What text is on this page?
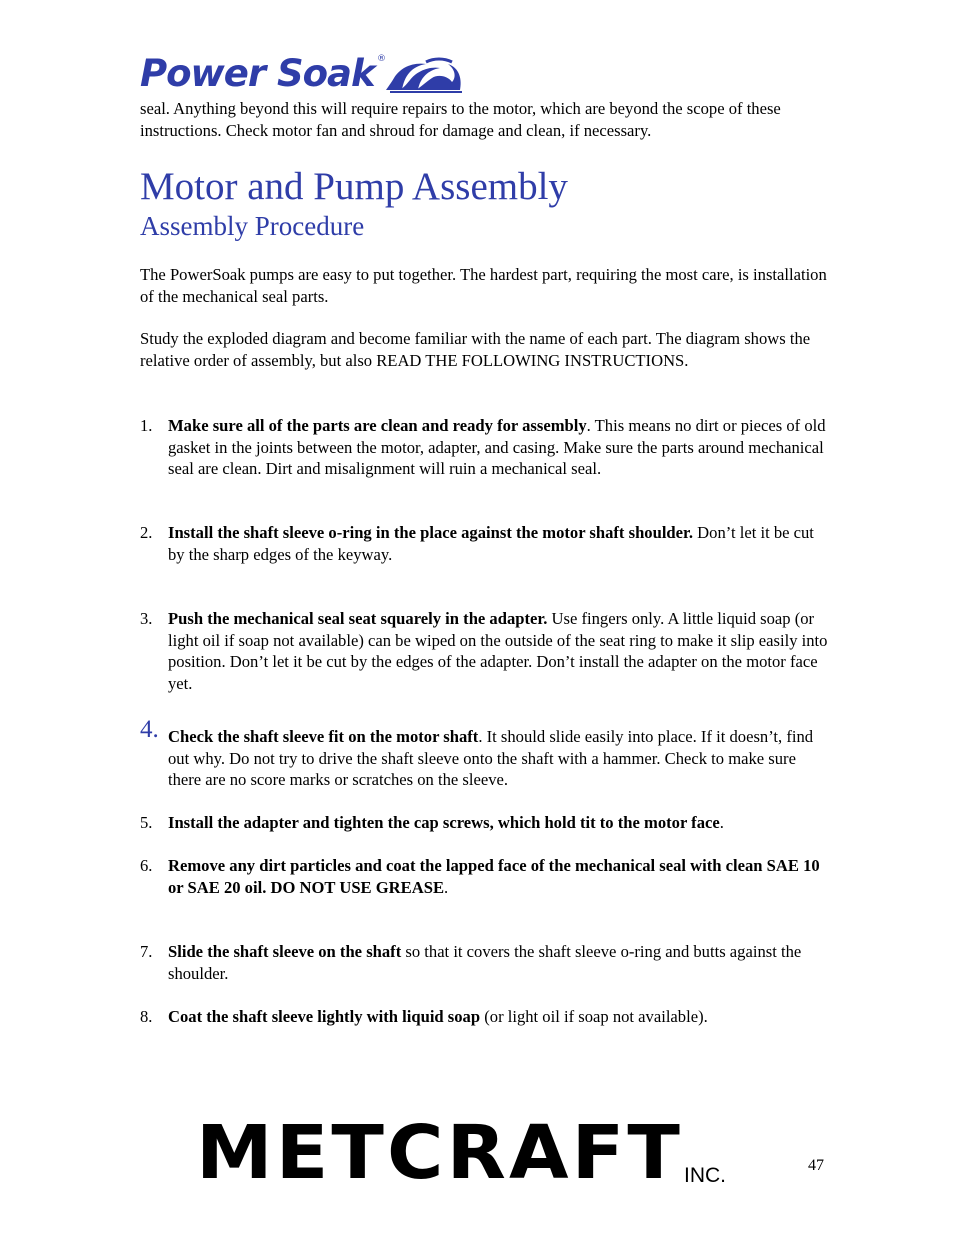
Power Soak ®
seal. Anything beyond this will require repairs to the motor, which are beyond the scope of these instructions. Check motor fan and shroud for damage and clean, if necessary.
Motor and Pump Assembly
Assembly Procedure
The PowerSoak pumps are easy to put together. The hardest part, requiring the most care, is installation of the mechanical seal parts.
Study the exploded diagram and become familiar with the name of each part. The diagram shows the relative order of assembly, but also READ THE FOLLOWING INSTRUCTIONS.
1. Make sure all of the parts are clean and ready for assembly. This means no dirt or pieces of old gasket in the joints between the motor, adapter, and casing. Make sure the parts around mechanical seal are clean. Dirt and misalignment will ruin a mechanical seal.
2. Install the shaft sleeve o-ring in the place against the motor shaft shoulder. Don’t let it be cut by the sharp edges of the keyway.
3. Push the mechanical seal seat squarely in the adapter. Use fingers only. A little liquid soap (or light oil if soap not available) can be wiped on the outside of the seat ring to make it slip easily into position. Don’t let it be cut by the edges of the adapter. Don’t install the adapter on the motor face yet.
4. Check the shaft sleeve fit on the motor shaft. It should slide easily into place. If it doesn’t, find out why. Do not try to drive the shaft sleeve onto the shaft with a hammer. Check to make sure there are no score marks or scratches on the sleeve.
5. Install the adapter and tighten the cap screws, which hold tit to the motor face.
6. Remove any dirt particles and coat the lapped face of the mechanical seal with clean SAE 10 or SAE 20 oil. DO NOT USE GREASE.
7. Slide the shaft sleeve on the shaft so that it covers the shaft sleeve o-ring and butts against the shoulder.
8. Coat the shaft sleeve lightly with liquid soap (or light oil if soap not available).
METCRAFT INC.	47
